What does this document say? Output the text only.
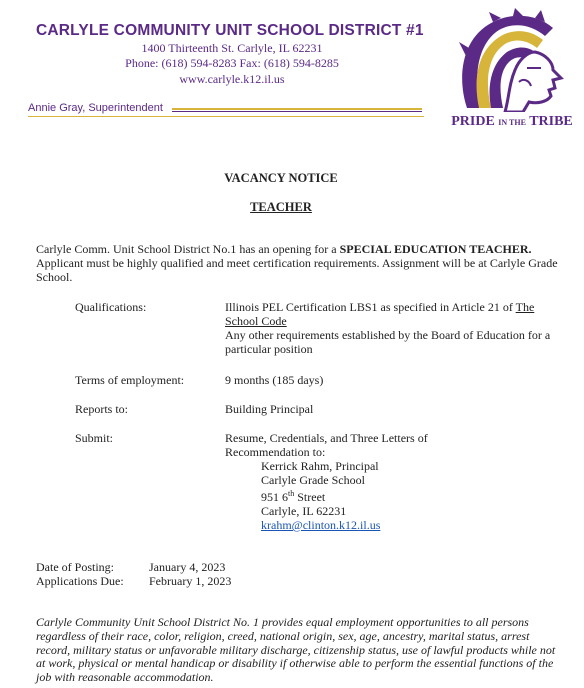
CARLYLE COMMUNITY UNIT SCHOOL DISTRICT #1
1400 Thirteenth St. Carlyle, IL 62231
Phone: (618) 594-8283 Fax: (618) 594-8285
www.carlyle.k12.il.us
Annie Gray, Superintendent
PRIDE IN THE TRIBE
VACANCY NOTICE
TEACHER

Carlyle Comm. Unit School District No.1 has an opening for a SPECIAL EDUCATION TEACHER. Applicant must be highly qualified and meet certification requirements. Assignment will be at Carlyle Grade School.

Qualifications:	Illinois PEL Certification LBS1 as specified in Article 21 of The School Code
Any other requirements established by the Board of Education for a particular position
Terms of employment:	9 months (185 days)
Reports to:	Building Principal
Submit:	Resume, Credentials, and Three Letters of Recommendation to:
Kerrick Rahm, Principal
Carlyle Grade School
951 6th Street
Carlyle, IL 62231
krahm@clinton.k12.il.us
Date of Posting:	January 4, 2023
Applications Due: February 1, 2023
Carlyle Community Unit School District No. 1 provides equal employment opportunities to all persons regardless of their race, color, religion, creed, national origin, sex, age, ancestry, marital status, arrest record, military status or unfavorable military discharge, citizenship status, use of lawful products while not at work, physical or mental handicap or disability if otherwise able to perform the essential functions of the job with reasonable accommodation.
